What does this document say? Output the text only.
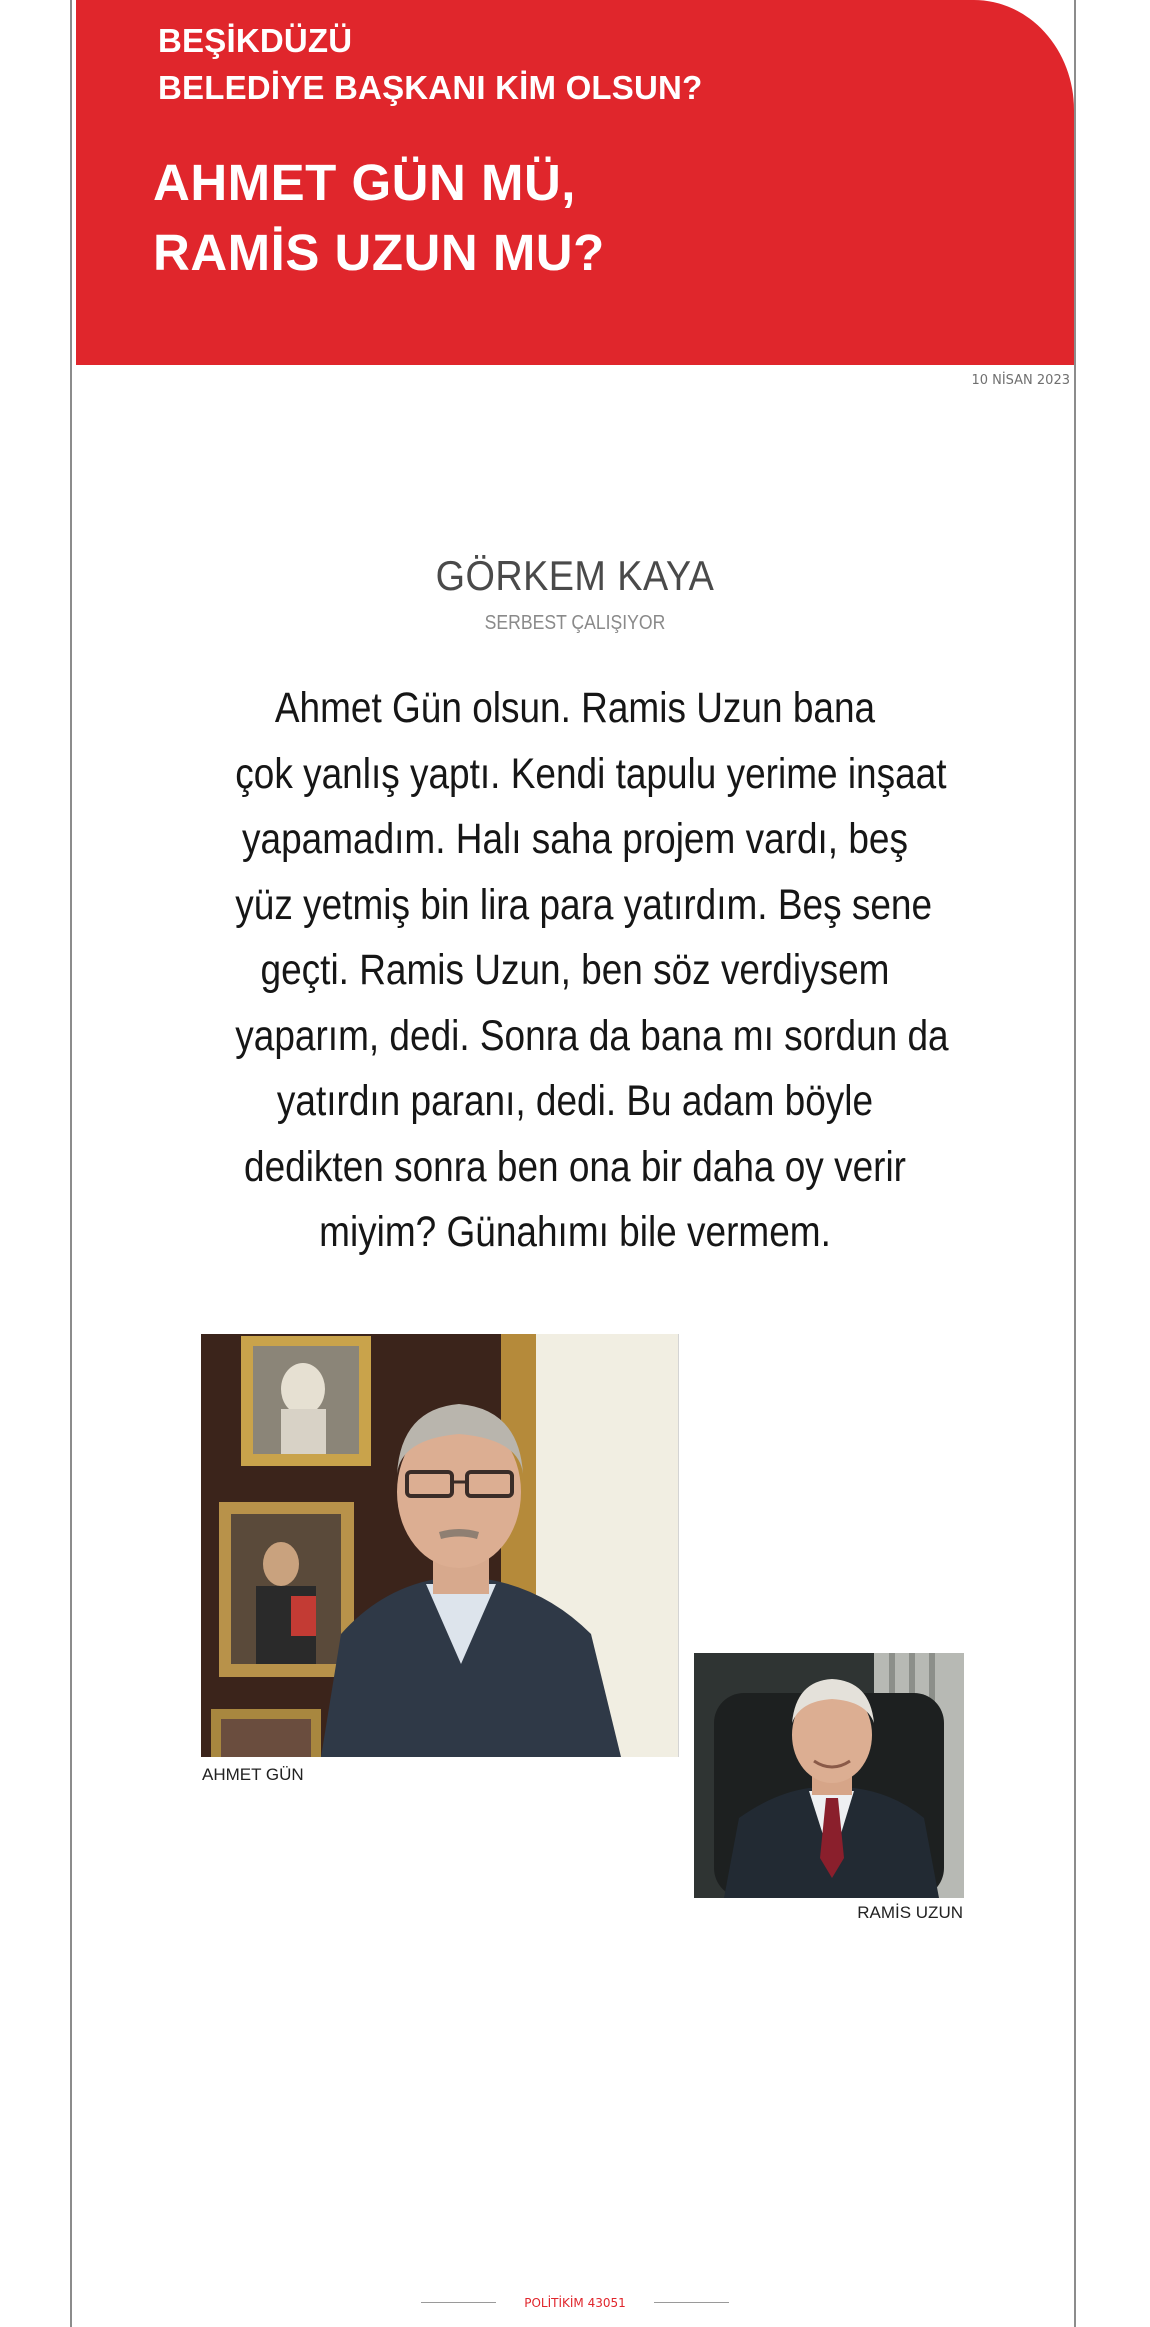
BEŞİKDÜZÜ
BELEDİYE BAŞKANI KİM OLSUN?
AHMET GÜN MÜ,
RAMİS UZUN MU?
10 NİSAN 2023
GÖRKEM KAYA
SERBEST ÇALIŞIYOR
Ahmet Gün olsun. Ramis Uzun bana
çok yanlış yaptı. Kendi tapulu yerime inşaat
yapamadım. Halı saha projem vardı, beş
yüz yetmiş bin lira para yatırdım. Beş sene
geçti. Ramis Uzun, ben söz verdiysem
yaparım, dedi. Sonra da bana mı sordun da
yatırdın paranı, dedi. Bu adam böyle
dedikten sonra ben ona bir daha oy verir
miyim? Günahımı bile vermem.
AHMET GÜN
RAMİS UZUN
POLİTİKİM 43051
